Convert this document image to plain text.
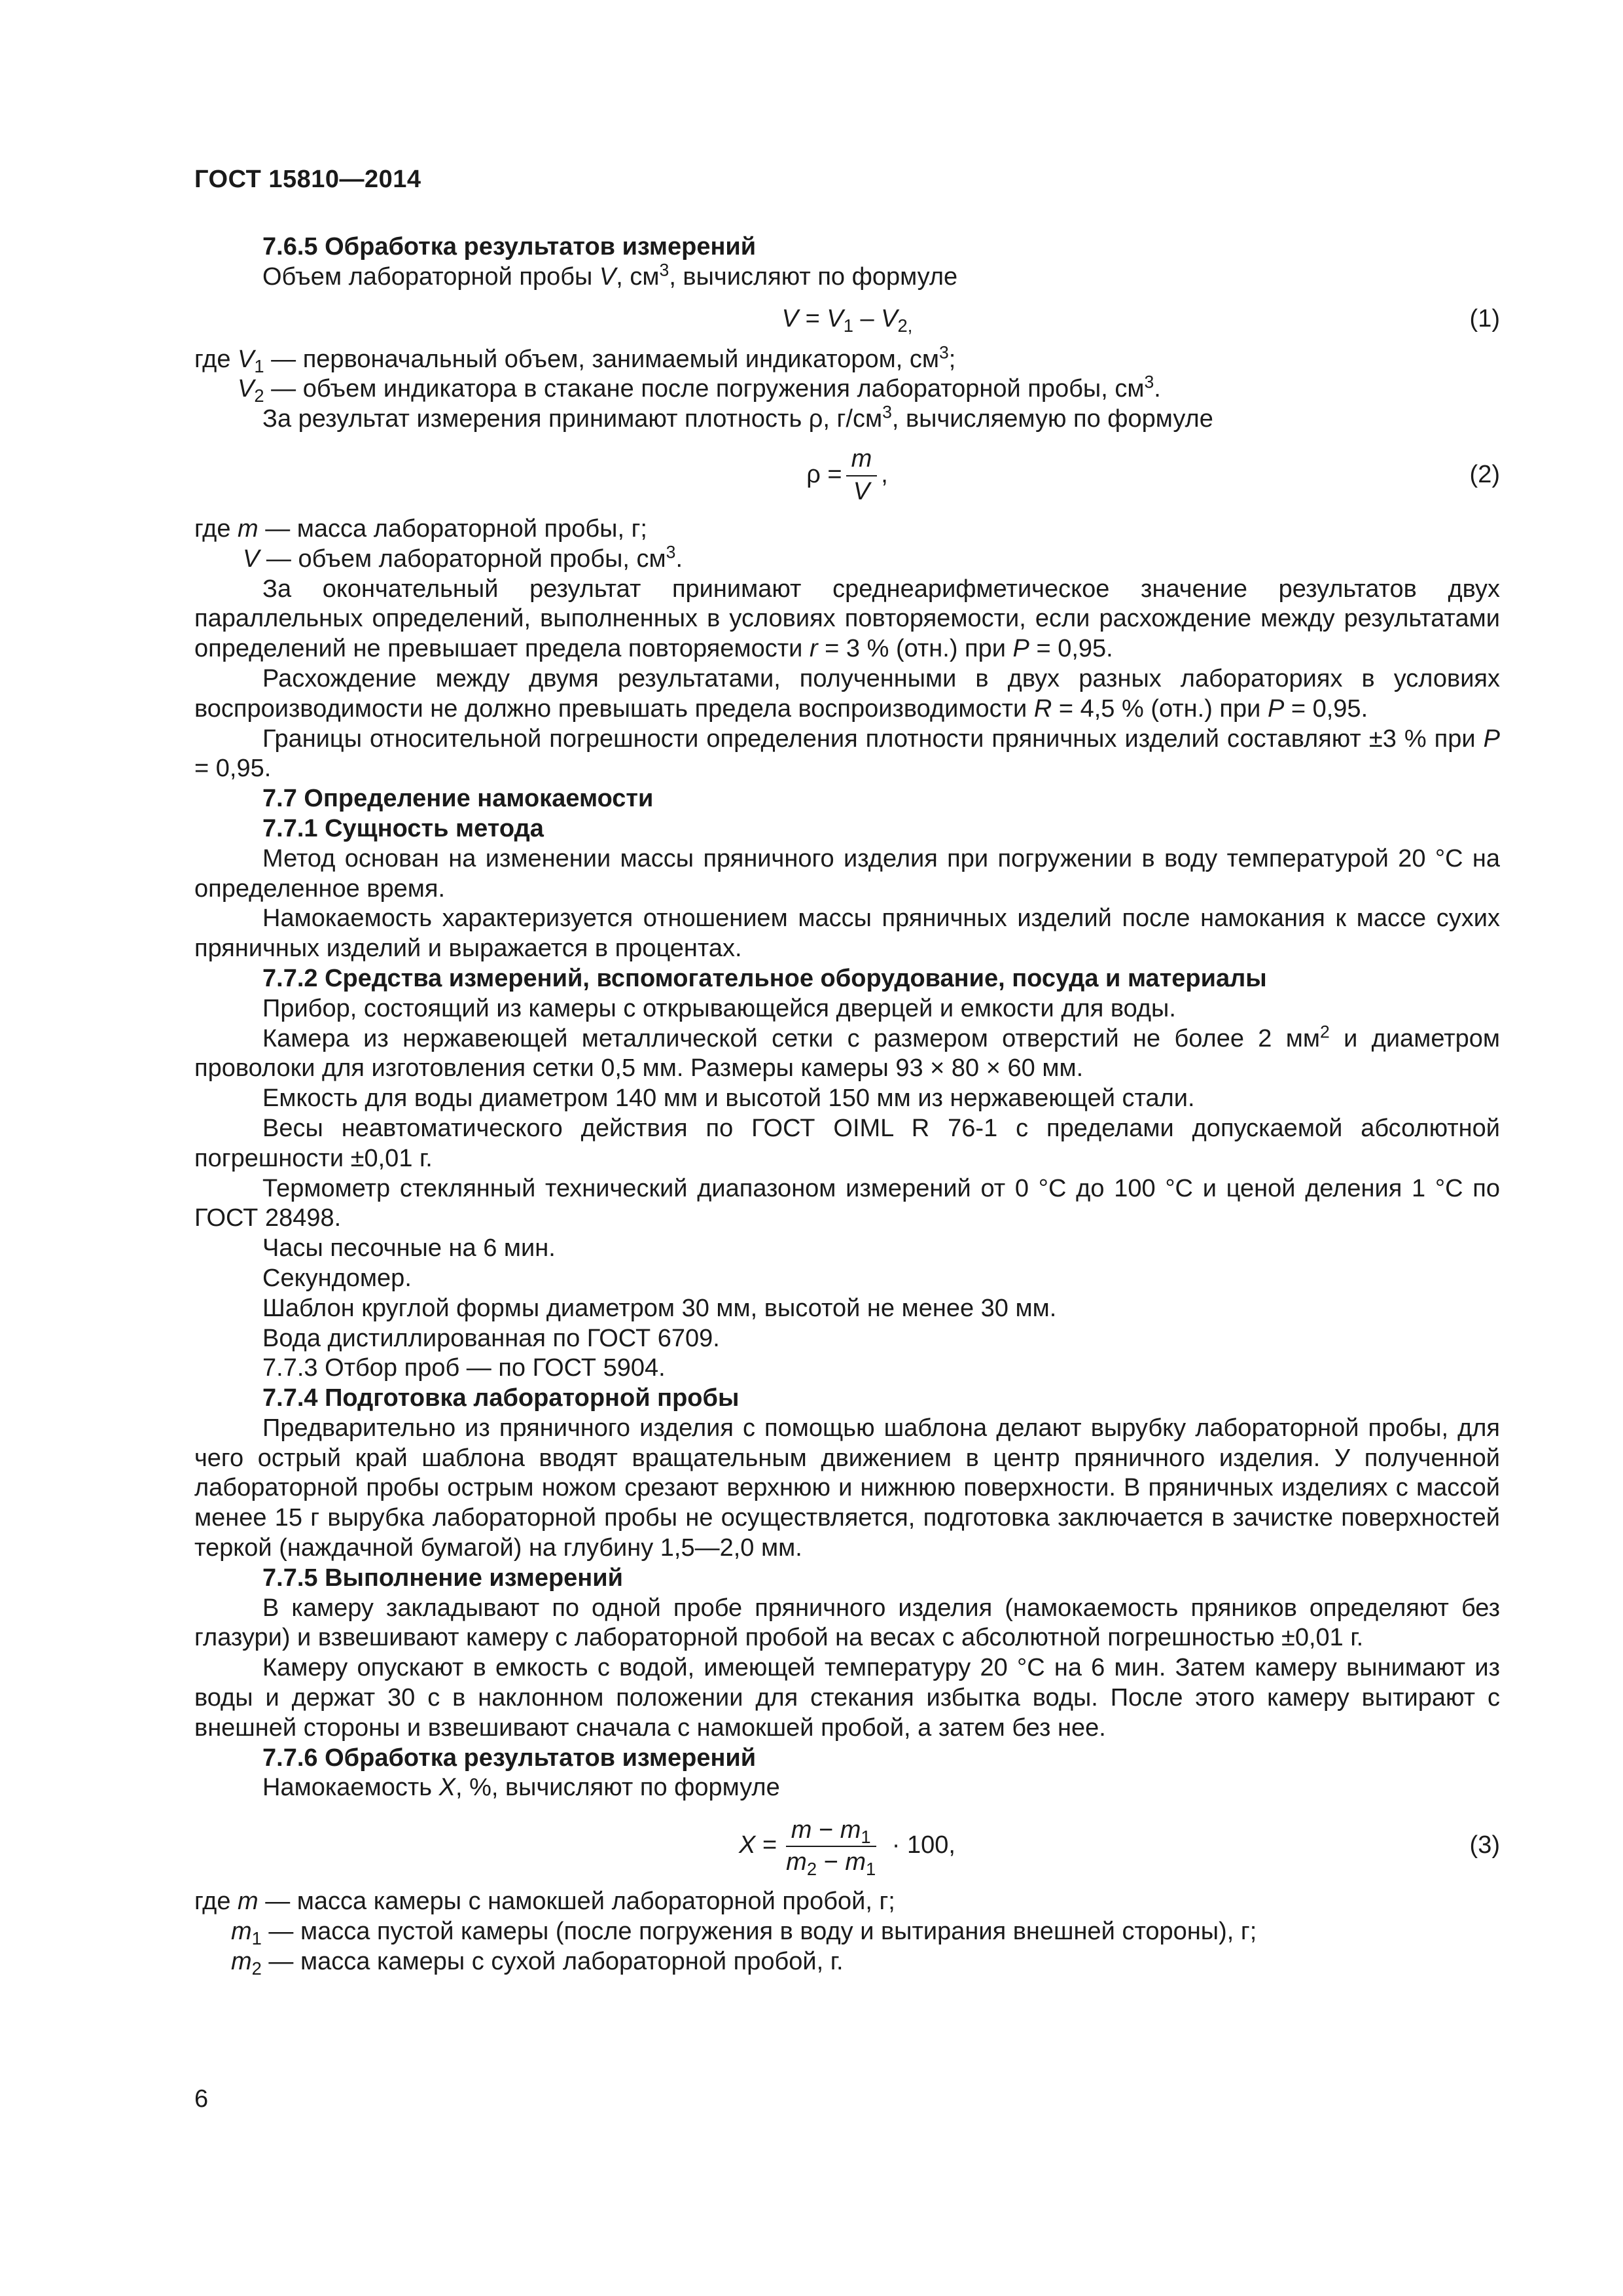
ГОСТ 15810—2014

7.6.5 Обработка результатов измерений

Объем лабораторной пробы V, $см^3$, вычисляют по формуле

$V = V_1 - V_{2,}$	(1)

где $V_1$ — первоначальный объем, занимаемый индикатором, $см^3$;

$V_2$ — объем индикатора в стакане после погружения лабораторной пробы, $см^3$.

За результат измерения принимают плотность ρ, $г/см^3$, вычисляемую по формуле

$\rho = \frac{m}{V}$ ,	(2)

где m — масса лабораторной пробы, г;

V — объем лабораторной пробы, $см^3$.

За окончательный результат принимают среднеарифметическое значение результатов двух параллельных определений, выполненных в условиях повторяемости, если расхождение между результатами определений не превышает предела повторяемости r = 3 % (отн.) при P = 0,95.

Расхождение между двумя результатами, полученными в двух разных лабораториях в условиях воспроизводимости не должно превышать предела воспроизводимости R = 4,5 % (отн.) при P = 0,95.

Границы относительной погрешности определения плотности пряничных изделий составляют ±3 % при P = 0,95.

7.7 Определение намокаемости

7.7.1 Сущность метода

Метод основан на изменении массы пряничного изделия при погружении в воду температурой 20 °С на определенное время.

Намокаемость характеризуется отношением массы пряничных изделий после намокания к массе сухих пряничных изделий и выражается в процентах.

7.7.2 Средства измерений, вспомогательное оборудование, посуда и материалы

Прибор, состоящий из камеры с открывающейся дверцей и емкости для воды.

Камера из нержавеющей металлической сетки с размером отверстий не более 2 $мм^2$ и диаметром проволоки для изготовления сетки 0,5 мм. Размеры камеры 93 × 80 × 60 мм.

Емкость для воды диаметром 140 мм и высотой 150 мм из нержавеющей стали.

Весы неавтоматического действия по ГОСТ OIML R 76-1 с пределами допускаемой абсолютной погрешности ±0,01 г.

Термометр стеклянный технический диапазоном измерений от 0 °С до 100 °С и ценой деления 1 °С по ГОСТ 28498.

Часы песочные на 6 мин.

Секундомер.

Шаблон круглой формы диаметром 30 мм, высотой не менее 30 мм.

Вода дистиллированная по ГОСТ 6709.

7.7.3 Отбор проб — по ГОСТ 5904.

7.7.4 Подготовка лабораторной пробы

Предварительно из пряничного изделия с помощью шаблона делают вырубку лабораторной пробы, для чего острый край шаблона вводят вращательным движением в центр пряничного изделия. У полученной лабораторной пробы острым ножом срезают верхнюю и нижнюю поверхности. В пряничных изделиях с массой менее 15 г вырубка лабораторной пробы не осуществляется, подготовка заключается в зачистке поверхностей теркой (наждачной бумагой) на глубину 1,5—2,0 мм.

7.7.5 Выполнение измерений

В камеру закладывают по одной пробе пряничного изделия (намокаемость пряников определяют без глазури) и взвешивают камеру с лабораторной пробой на весах с абсолютной погрешностью ±0,01 г.

Камеру опускают в емкость с водой, имеющей температуру 20 °С на 6 мин. Затем камеру вынимают из воды и держат 30 с в наклонном положении для стекания избытка воды. После этого камеру вытирают с внешней стороны и взвешивают сначала с намокшей пробой, а затем без нее.

7.7.6 Обработка результатов измерений

Намокаемость X, %, вычисляют по формуле

$X = \frac{m - m_1}{m_2 - m_1} \cdot 100$,	(3)

где m — масса камеры с намокшей лабораторной пробой, г;

$m_1$ — масса пустой камеры (после погружения в воду и вытирания внешней стороны), г;

$m_2$ — масса камеры с сухой лабораторной пробой, г.

6
